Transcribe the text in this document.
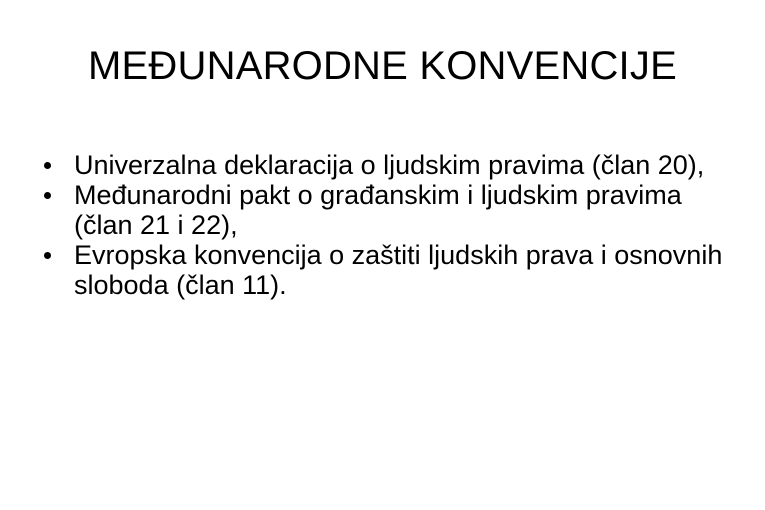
MEĐUNARODNE KONVENCIJE
Univerzalna deklaracija o ljudskim pravima (član 20),
Međunarodni pakt o građanskim i ljudskim pravima (član 21 i 22),
Evropska konvencija o zaštiti ljudskih prava i osnovnih sloboda (član 11).
